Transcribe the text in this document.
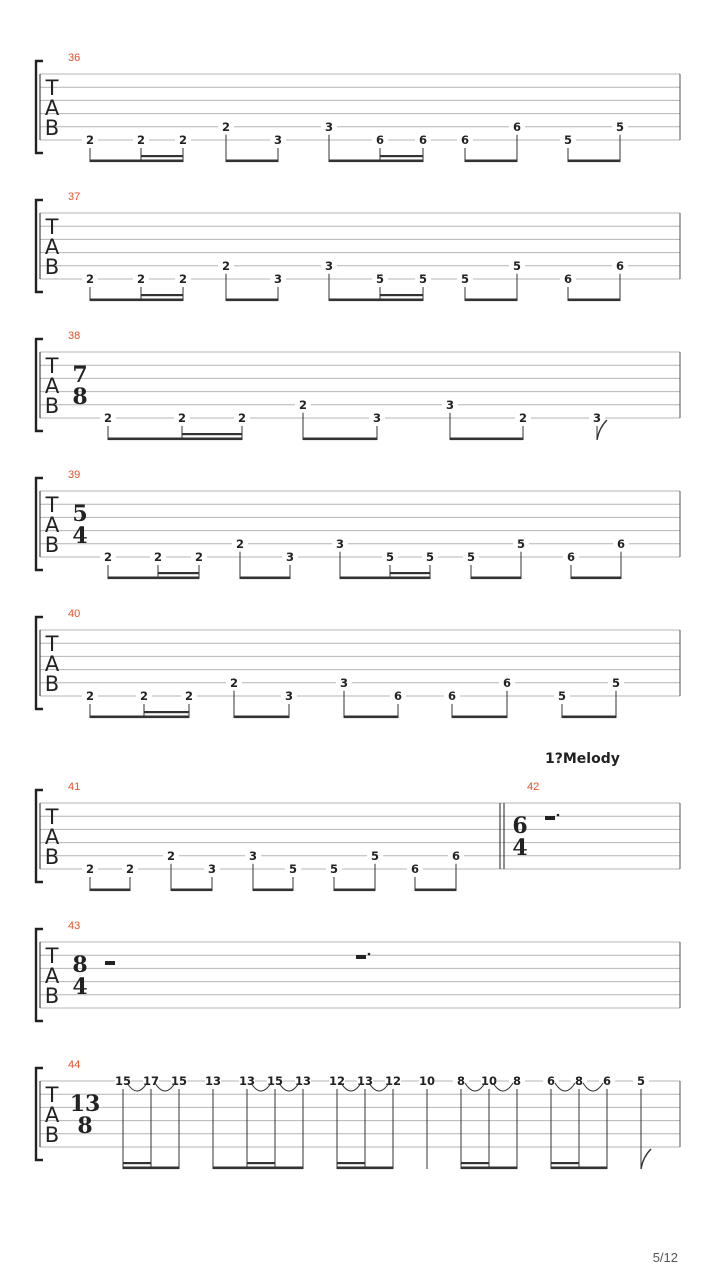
T
A
B
36
2	2	2
2
3
3
6	6	6
6
5
5
T
A
B
37
2	2	2
2
3
3
5	5	5
5
6
6
T
A
B
38
7
8
2	2	2
2
3
3
2	3
T
A
B
39
5
4
2	2	2
2
3
3
5	5	5
5
6
6
T
A
B
40
2	2	2
2
3
3
6	6
6
5
5
T
A
B
41
2	2
2
3
3
5	5
5
6
6
42
6
4
1?Melody
T
A
B
43
8
4
T
A
B
44
13
8
15 17 15 13 13 15 13 12 13 12 10 8 10 8 6 8 6 5
5/12
